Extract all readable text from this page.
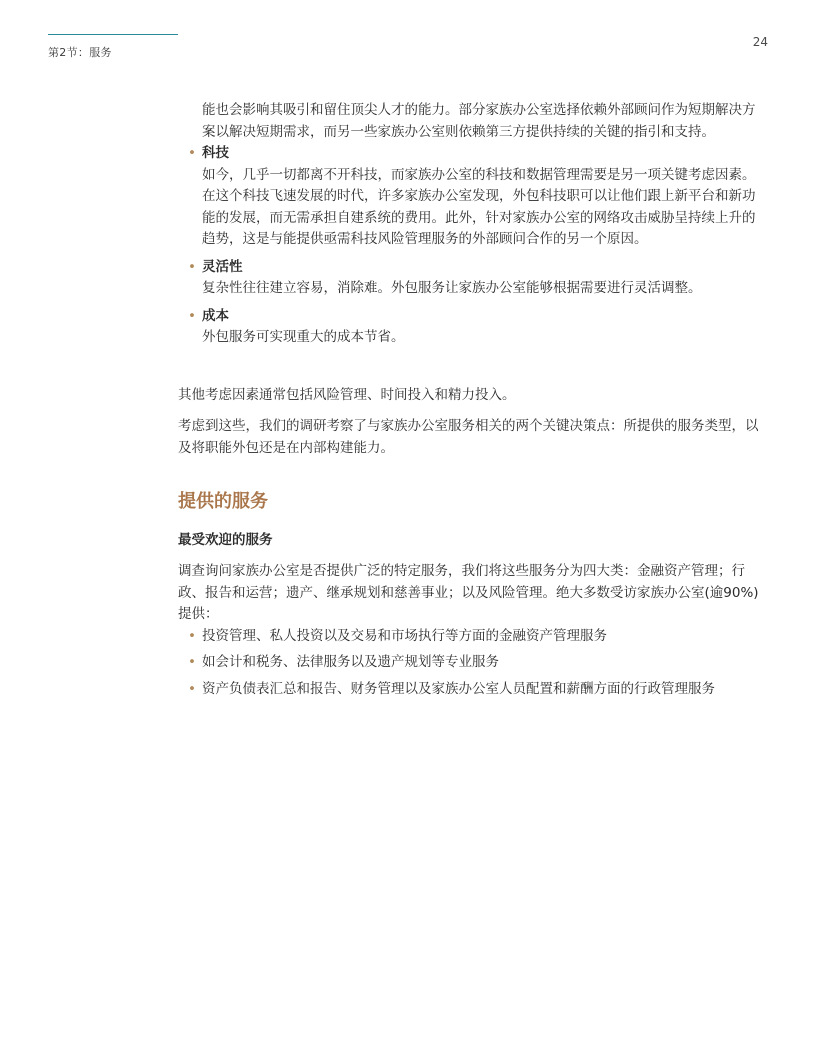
第2节：服务
24

能也会影响其吸引和留住顶尖人才的能力。部分家族办公室选择依赖外部顾问作为短期解决方案以解决短期需求，而另一些家族办公室则依赖第三方提供持续的关键的指引和支持。

• 科技
如今，几乎一切都离不开科技，而家族办公室的科技和数据管理需要是另一项关键考虑因素。在这个科技飞速发展的时代，许多家族办公室发现，外包科技职可以让他们跟上新平台和新功能的发展，而无需承担自建系统的费用。此外，针对家族办公室的网络攻击威胁呈持续上升的趋势，这是与能提供亟需科技风险管理服务的外部顾问合作的另一个原因。
• 灵活性
复杂性往往建立容易，消除难。外包服务让家族办公室能够根据需要进行灵活调整。
• 成本
外包服务可实现重大的成本节省。

其他考虑因素通常包括风险管理、时间投入和精力投入。

考虑到这些，我们的调研考察了与家族办公室服务相关的两个关键决策点：所提供的服务类型，以及将职能外包还是在内部构建能力。

提供的服务
最受欢迎的服务

调查询问家族办公室是否提供广泛的特定服务，我们将这些服务分为四大类：金融资产管理；行政、报告和运营；遗产、继承规划和慈善事业；以及风险管理。绝大多数受访家族办公室(逾90%)提供：

• 投资管理、私人投资以及交易和市场执行等方面的金融资产管理服务
• 如会计和税务、法律服务以及遗产规划等专业服务
• 资产负债表汇总和报告、财务管理以及家族办公室人员配置和薪酬方面的行政管理服务
